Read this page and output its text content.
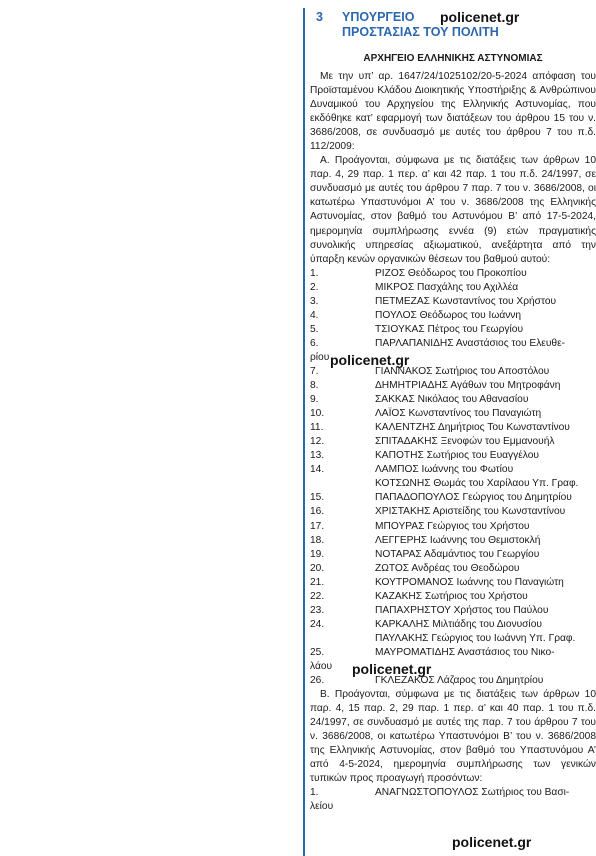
3 ΥΠΟΥΡΓΕΙΟ
ΠΡΟΣΤΑΣΙΑΣ ΤΟΥ ΠΟΛΙΤΗ
policenet.gr
ΑΡΧΗΓΕΙΟ ΕΛΛΗΝΙΚΗΣ ΑΣΤΥΝΟΜΙΑΣ

Με την υπ’ αρ. 1647/24/1025102/20-5-2024 απόφαση του Προϊσταμένου Κλάδου Διοικητικής Υποστήριξης & Ανθρώπινου Δυναμικού του Αρχηγείου της Ελληνικής Αστυνομίας, που εκδόθηκε κατ’ εφαρμογή των διατάξεων του άρθρου 15 του ν. 3686/2008, σε συνδυασμό με αυτές του άρθρου 7 του π.δ. 112/2009:

Α. Προάγονται, σύμφωνα με τις διατάξεις των άρθρων 10 παρ. 4, 29 παρ. 1 περ. α’ και 42 παρ. 1 του π.δ. 24/1997, σε συνδυασμό με αυτές του άρθρου 7 παρ. 7 του ν. 3686/2008, οι κατωτέρω Υπαστυνόμοι Α’ του ν. 3686/2008 της Ελληνικής Αστυνομίας, στον βαθμό του Αστυνόμου Β’ από 17-5-2024, ημερομηνία συμπλήρωσης εννέα (9) ετών πραγματικής συνολικής υπηρεσίας αξιωματικού, ανεξάρτητα από την ύπαρξη κενών οργανικών θέσεων του βαθμού αυτού:

1.	ΡΙΖΟΣ Θεόδωρος του Προκοπίου
2.	ΜΙΚΡΟΣ Πασχάλης του Αχιλλέα
3.	ΠΕΤΜΕΖΑΣ Κωνσταντίνος του Χρήστου
4.	ΠΟΥΛΟΣ Θεόδωρος του Ιωάννη
5.	ΤΣΙΟΥΚΑΣ Πέτρος του Γεωργίου
6.	ΠΑΡΛΑΠΑΝΙΔΗΣ Αναστάσιος του Ελευθε-
ρίου policenet.gr
7.	ΓΙΑΝΝΑΚΟΣ Σωτήριος του Αποστόλου
8.	ΔΗΜΗΤΡΙΑΔΗΣ Αγάθων του Μητροφάνη
9.	ΣΑΚΚΑΣ Νικόλαος του Αθανασίου
10.	ΛΑΪΟΣ Κωνσταντίνος του Παναγιώτη
11.	ΚΑΛΕΝΤΖΗΣ Δημήτριος Του Κωνσταντίνου
12.	ΣΠΙΤΑΔΑΚΗΣ Ξενοφών του Εμμανουήλ
13.	ΚΑΠΟΤΗΣ Σωτήριος του Ευαγγέλου
14.	ΛΑΜΠΟΣ Ιωάννης του Φωτίου
ΚΟΤΣΩΝΗΣ Θωμάς του Χαρίλαου Υπ. Γραφ.
15.	ΠΑΠΑΔΟΠΟΥΛΟΣ Γεώργιος του Δημητρίου
16.	ΧΡΙΣΤΑΚΗΣ Αριστείδης του Κωνσταντίνου
17.	ΜΠΟΥΡΑΣ Γεώργιος του Χρήστου
18.	ΛΕΓΓΕΡΗΣ Ιωάννης του Θεμιστοκλή
19.	ΝΟΤΑΡΑΣ Αδαμάντιος του Γεωργίου
20.	ΖΩΤΟΣ Ανδρέας του Θεοδώρου
21.	ΚΟΥΤΡΟΜΑΝΟΣ Ιωάννης του Παναγιώτη
22.	ΚΑΖΑΚΗΣ Σωτήριος του Χρήστου
23.	ΠΑΠΑΧΡΗΣΤΟΥ Χρήστος του Παύλου
24.	ΚΑΡΚΑΛΗΣ Μιλτιάδης του Διονυσίου
ΠΑΥΛΑΚΗΣ Γεώργιος του Ιωάννη Υπ. Γραφ.
25.	ΜΑΥΡΟΜΑΤΙΔΗΣ Αναστάσιος του Νικο-
λάου	policenet.gr
26.	ΓΚΛΕΖΑΚΟΣ Λάζαρος του Δημητρίου

Β. Προάγονται, σύμφωνα με τις διατάξεις των άρθρων 10 παρ. 4, 15 παρ. 2, 29 παρ. 1 περ. α’ και 40 παρ. 1 του π.δ. 24/1997, σε συνδυασμό με αυτές της παρ. 7 του άρθρου 7 του ν. 3686/2008, οι κατωτέρω Υπαστυνόμοι Β’ του ν. 3686/2008 της Ελληνικής Αστυνομίας, στον βαθμό του Υπαστυνόμου Α’ από 4-5-2024, ημερομηνία συμπλήρωσης των γενικών τυπικών προς προαγωγή προσόντων:

1.	ΑΝΑΓΝΩΣΤΟΠΟΥΛΟΣ Σωτήριος του Βασι-
λείου
policenet.gr
